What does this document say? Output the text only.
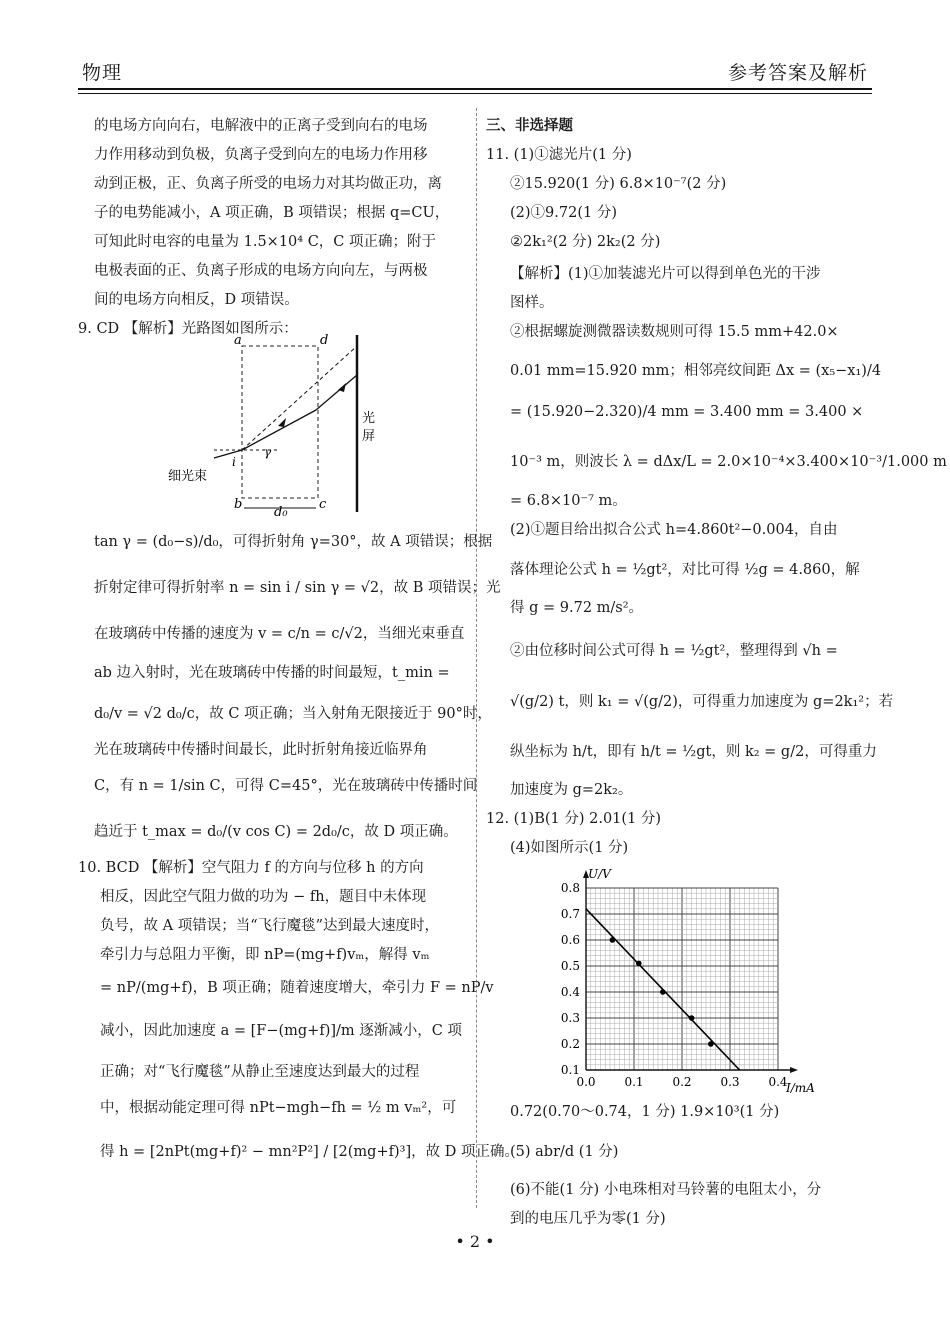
物理	参考答案及解析
的电场方向向右，电解液中的正离子受到向右的电场
力作用移动到负极，负离子受到向左的电场力作用移
动到正极，正、负离子所受的电场力对其均做正功，离
子的电势能减小，A 项正确，B 项错误；根据 q=CU，
可知此时电容的电量为 1.5×10⁴ C，C 项正确；附于
电极表面的正、负离子形成的电场方向向左，与两极
间的电场方向相反，D 项错误。
9. CD 【解析】光路图如图所示：
a	d
b	c
d₀
i
γ
细光束
光
屏
tan γ = (d₀−s)/d₀，可得折射角 γ=30°，故 A 项错误；根据
折射定律可得折射率 n = sin i / sin γ = √2，故 B 项错误；光
在玻璃砖中传播的速度为 v = c/n = c/√2，当细光束垂直
ab 边入射时，光在玻璃砖中传播的时间最短，t_min =
d₀/v = √2 d₀/c，故 C 项正确；当入射角无限接近于 90°时，
光在玻璃砖中传播时间最长，此时折射角接近临界角
C，有 n = 1/sin C，可得 C=45°，光在玻璃砖中传播时间
趋近于 t_max = d₀/(v cos C) = 2d₀/c，故 D 项正确。
10. BCD 【解析】空气阻力 f 的方向与位移 h 的方向
相反，因此空气阻力做的功为 − fh，题目中未体现
负号，故 A 项错误；当“飞行魔毯”达到最大速度时，
牵引力与总阻力平衡，即 nP=(mg+f)vₘ，解得 vₘ
= nP/(mg+f)，B 项正确；随着速度增大，牵引力 F = nP/v
减小，因此加速度 a = [F−(mg+f)]/m 逐渐减小，C 项
正确；对“飞行魔毯”从静止至速度达到最大的过程
中，根据动能定理可得 nPt−mgh−fh = ½ m vₘ²，可
得 h = [2nPt(mg+f)² − mn²P²] / [2(mg+f)³]，故 D 项正确。
三、非选择题
11. (1)①滤光片(1 分)
②15.920(1 分) 6.8×10⁻⁷(2 分)
(2)①9.72(1 分)
②2k₁²(2 分) 2k₂(2 分)
【解析】(1)①加装滤光片可以得到单色光的干涉
图样。
②根据螺旋测微器读数规则可得 15.5 mm+42.0×
0.01 mm=15.920 mm；相邻亮纹间距 Δx = (x₅−x₁)/4
= (15.920−2.320)/4 mm = 3.400 mm = 3.400 ×
10⁻³ m，则波长 λ = dΔx/L = 2.0×10⁻⁴×3.400×10⁻³/1.000 m
= 6.8×10⁻⁷ m。
(2)①题目给出拟合公式 h=4.860t²−0.004，自由
落体理论公式 h = ½gt²，对比可得 ½g = 4.860，解
得 g = 9.72 m/s²。
②由位移时间公式可得 h = ½gt²，整理得到 √h =
√(g/2) t，则 k₁ = √(g/2)，可得重力加速度为 g=2k₁²；若
纵坐标为 h/t，即有 h/t = ½gt，则 k₂ = g/2，可得重力
加速度为 g=2k₂。
12. (1)B(1 分) 2.01(1 分)
(4)如图所示(1 分)
0.0 0.1 0.2 0.3 0.4
0.1
0.2
0.3
0.4
0.5
0.6
0.7
0.8
U/V
I/mA
0.72(0.70～0.74，1 分) 1.9×10³(1 分)
(5) abr/d (1 分)
(6)不能(1 分) 小电珠相对马铃薯的电阻太小，分
到的电压几乎为零(1 分)
• 2 •
